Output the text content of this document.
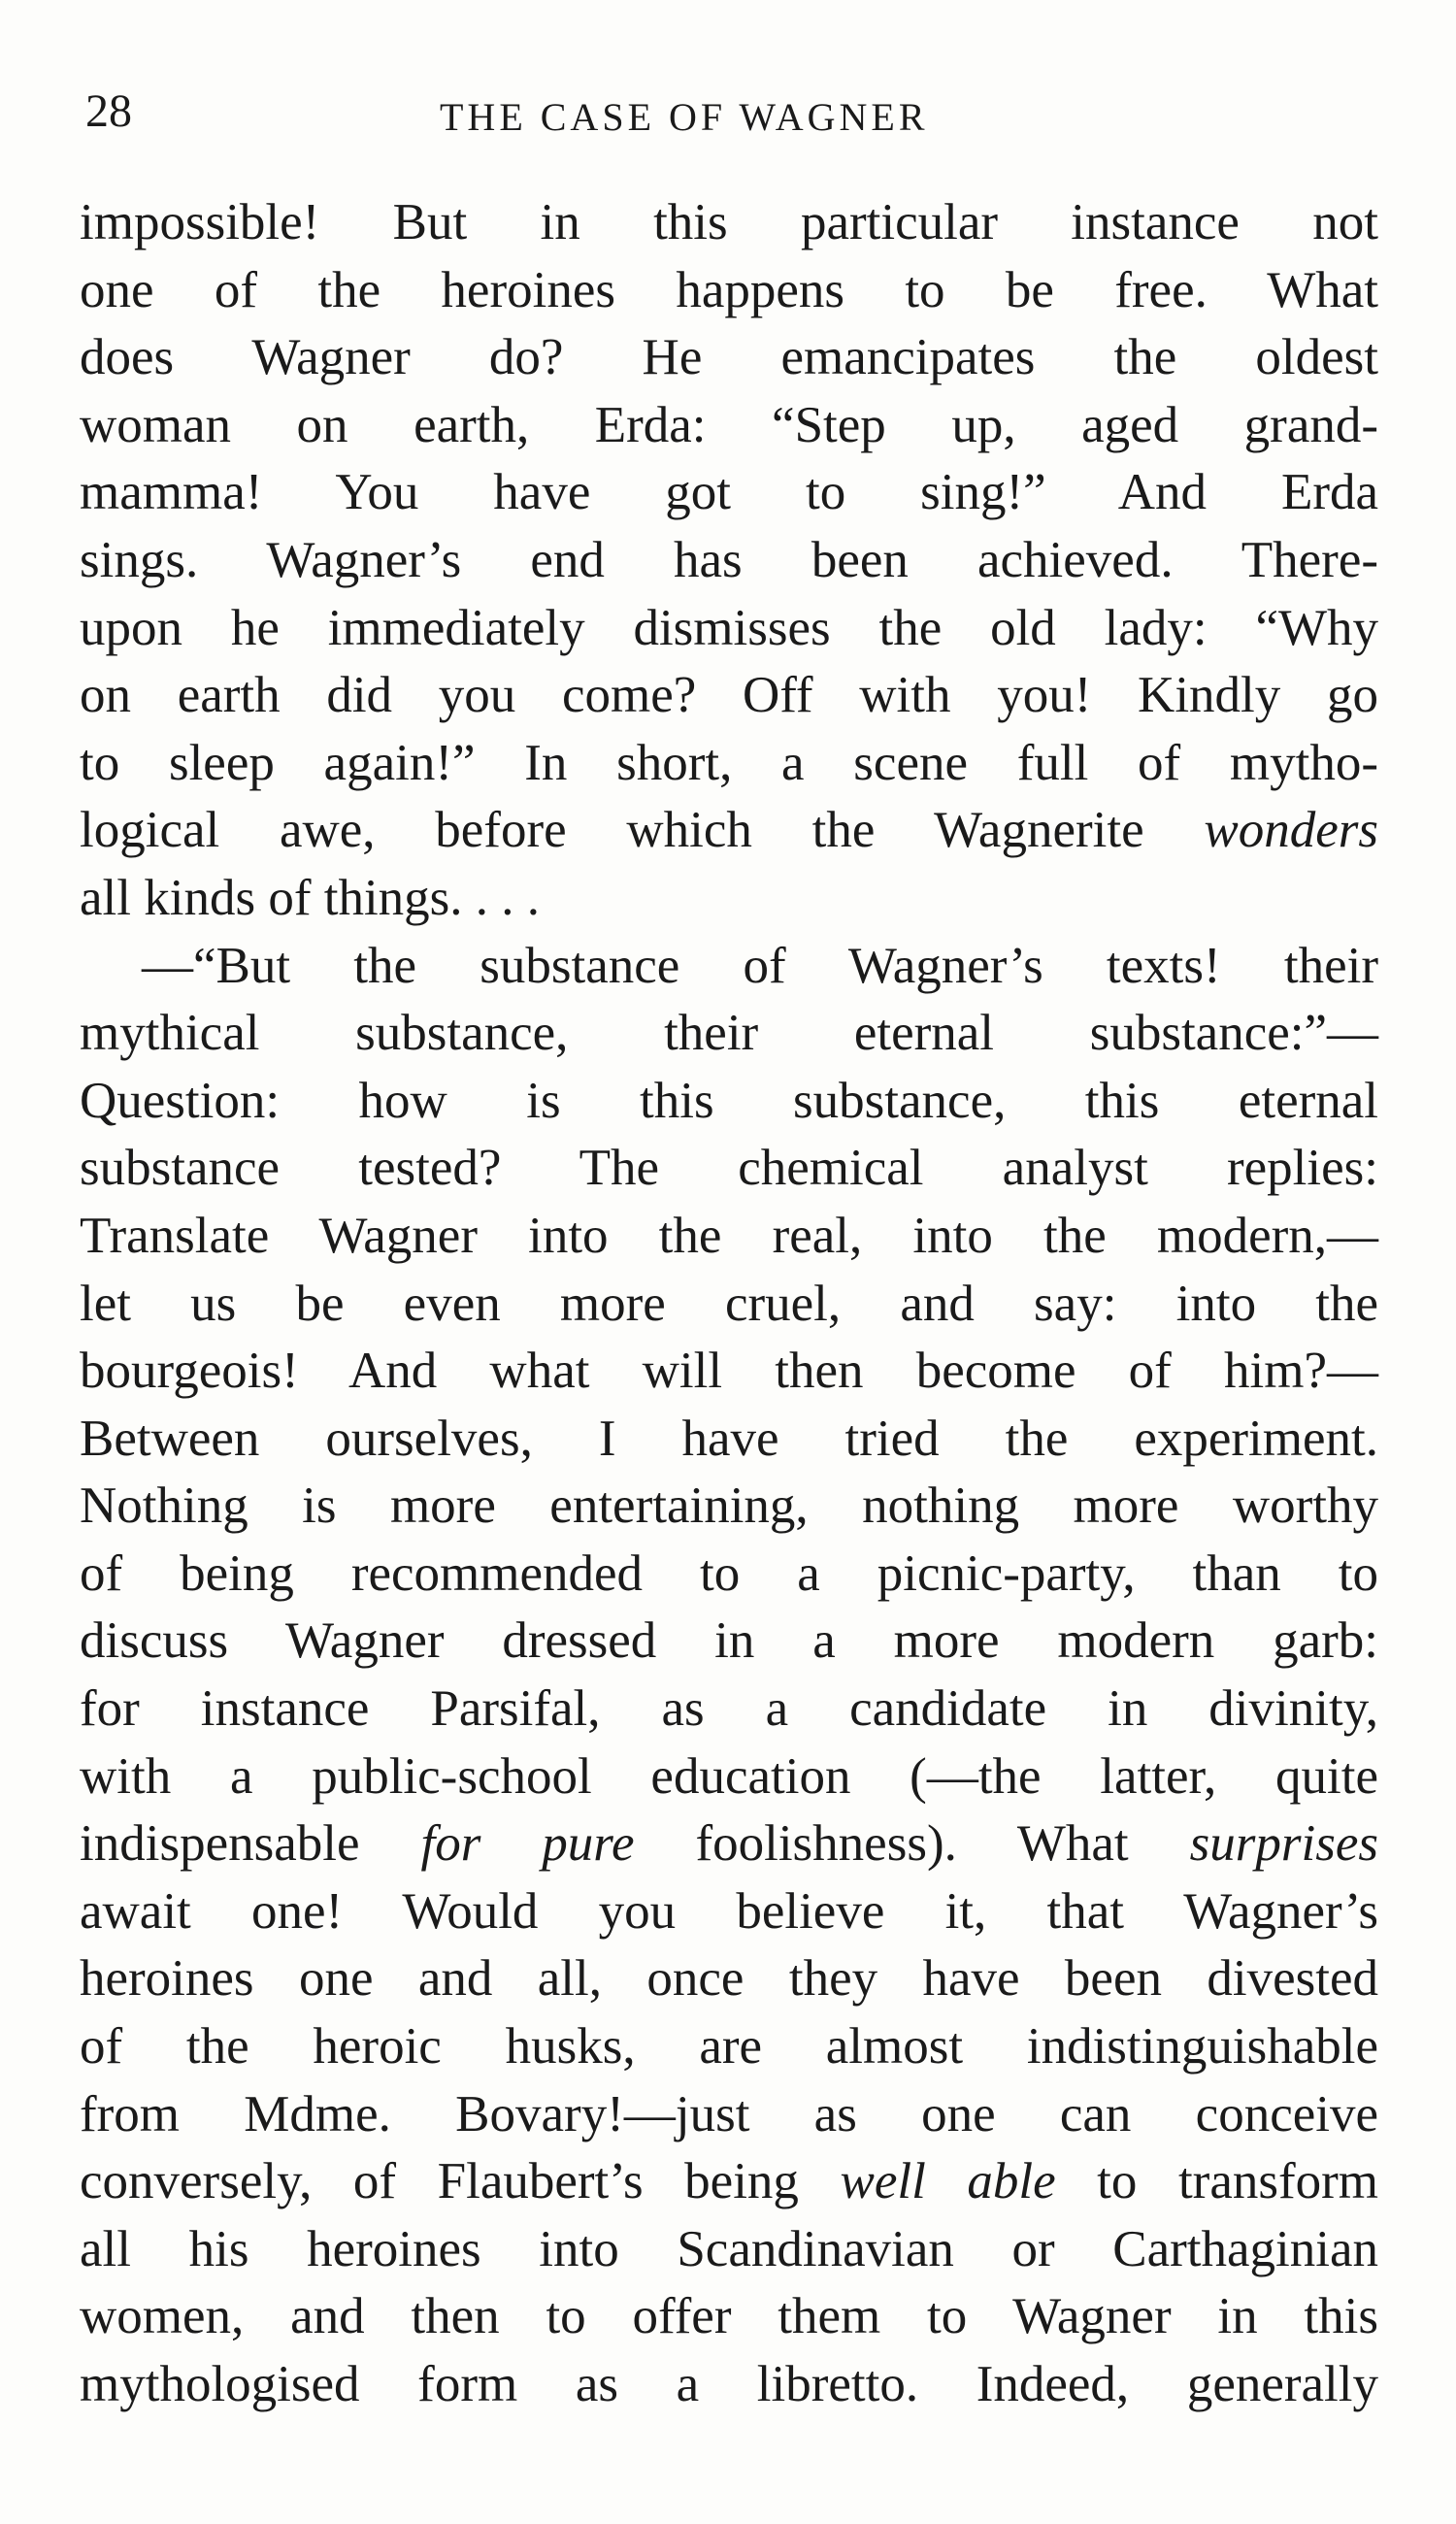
28	THE CASE OF WAGNER
impossible! But in this particular instance not
one of the heroines happens to be free. What
does Wagner do? He emancipates the oldest
woman on earth, Erda: “Step up, aged grand-
mamma! You have got to sing!” And Erda
sings. Wagner’s end has been achieved. There-
upon he immediately dismisses the old lady: “Why
on earth did you come? Off with you! Kindly go
to sleep again!” In short, a scene full of mytho-
logical awe, before which the Wagnerite wonders
all kinds of things. . . .
—“But the substance of Wagner’s texts! their
mythical substance, their eternal substance:”—
Question: how is this substance, this eternal
substance tested? The chemical analyst replies:
Translate Wagner into the real, into the modern,—
let us be even more cruel, and say: into the
bourgeois! And what will then become of him?—
Between ourselves, I have tried the experiment.
Nothing is more entertaining, nothing more worthy
of being recommended to a picnic-party, than to
discuss Wagner dressed in a more modern garb:
for instance Parsifal, as a candidate in divinity,
with a public-school education (—the latter, quite
indispensable for pure foolishness). What surprises
await one! Would you believe it, that Wagner’s
heroines one and all, once they have been divested
of the heroic husks, are almost indistinguishable
from Mdme. Bovary!—just as one can conceive
conversely, of Flaubert’s being well able to transform
all his heroines into Scandinavian or Carthaginian
women, and then to offer them to Wagner in this
mythologised form as a libretto. Indeed, generally
